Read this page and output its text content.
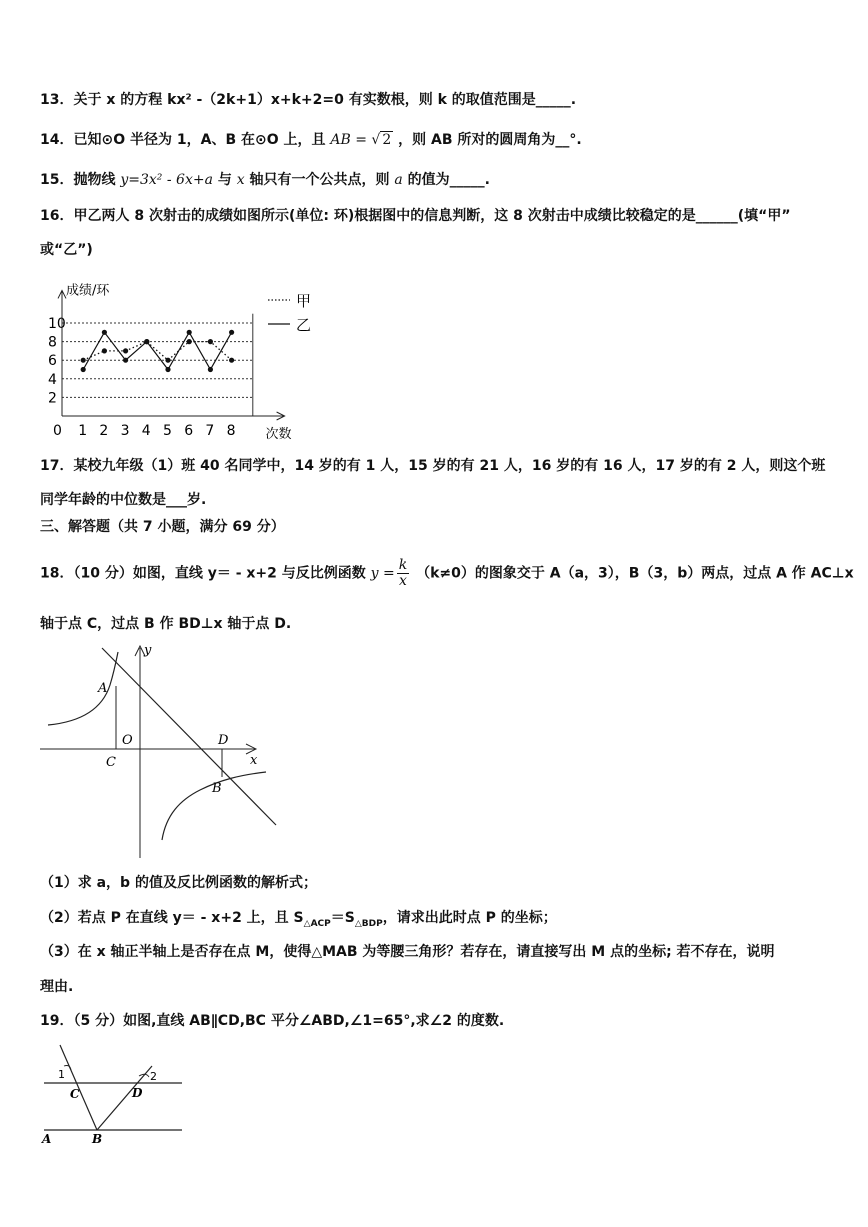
13．关于 x 的方程 kx² -（2k+1）x+k+2=0 有实数根，则 k 的取值范围是_____.
14．已知⊙O 半径为 1，A、B 在⊙O 上，且 AB = √ 2 ，则 AB 所对的圆周角为__°.
15．抛物线 y=3x² - 6x+a 与 x 轴只有一个公共点，则 a 的值为_____.
16．甲乙两人 8 次射击的成绩如图所示(单位: 环)根据图中的信息判断，这 8 次射击中成绩比较稳定的是______(填“甲”
或“乙”)
2
4
6
8
10
成绩/环
次数
0 1 2 3 4 5 6 7 8
甲
乙
17．某校九年级（1）班 40 名同学中，14 岁的有 1 人，15 岁的有 21 人，16 岁的有 16 人，17 岁的有 2 人，则这个班
同学年龄的中位数是___岁.
三、解答题（共 7 小题，满分 69 分）
18．（10 分）如图，直线 y＝ - x+2 与反比例函数 $y = \frac{k}{x} (k\ne 0)$的图象交于 A（a，3），B（3，b）两点，过点 A 作 AC⊥x
轴于点 C，过点 B 作 BD⊥x 轴于点 D.
y
A
O	D
x
C
B
（1）求 a，b 的值及反比例函数的解析式；
（2）若点 P 在直线 y＝ - x+2 上，且 $S_{\triangle ACP}=S_{\triangle BDP}$，请求出此时点 P 的坐标；
（3）在 x 轴正半轴上是否存在点 M，使得△MAB 为等腰三角形？若存在，请直接写出 M 点的坐标; 若不存在，说明
理由.
19．（5 分）如图,直线 AB∥CD,BC 平分∠ABD,∠1=65°,求∠2 的度数.
1	2
C	D
A	B
